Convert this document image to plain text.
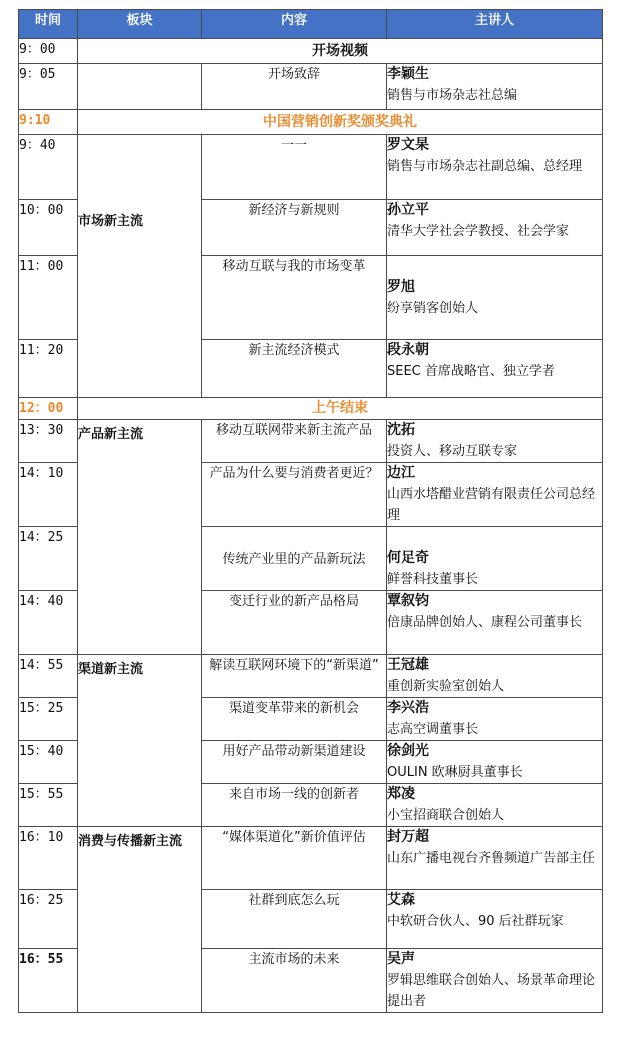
时间	板块	内容	主讲人
9：00	开场视频		
9：05		开场致辞	李颖生
销售与市场杂志社总编

9:10	中国营销创新奖颁奖典礼		
9：40	市场新主流	一一	罗文杲
销售与市场杂志社副总编、总经理

10：00		新经济与新规则	孙立平
清华大学社会学教授、社会学家

11：00		移动互联与我的市场变革	罗旭
纷享销客创始人

11：20		新主流经济模式	段永朝
SEEC 首席战略官、独立学者

12：00	上午结束		
13：30	产品新主流	移动互联网带来新主流产品	沈拓
投资人、移动互联专家

14：10		产品为什么要与消费者更近？	边江
山西水塔醋业营销有限责任公司总经理

14：25		传统产业里的产品新玩法	何足奇
鲜誉科技董事长

14：40		变迁行业的新产品格局	覃叙钧
倍康品牌创始人、康程公司董事长

14：55	渠道新主流	解读互联网环境下的“新渠道”	王冠雄
重创新实验室创始人

15：25		渠道变革带来的新机会	李兴浩
志高空调董事长

15：40		用好产品带动新渠道建设	徐剑光
OULIN 欧琳厨具董事长

15：55		来自市场一线的创新者	郑凌
小宝招商联合创始人

16：10	消费与传播新主流	“媒体渠道化”新价值评估	封万超
山东广播电视台齐鲁频道广告部主任

16：25		社群到底怎么玩	艾森
中软研合伙人、90 后社群玩家

16：55		主流市场的未来	吴声
罗辑思维联合创始人、场景革命理论提出者
